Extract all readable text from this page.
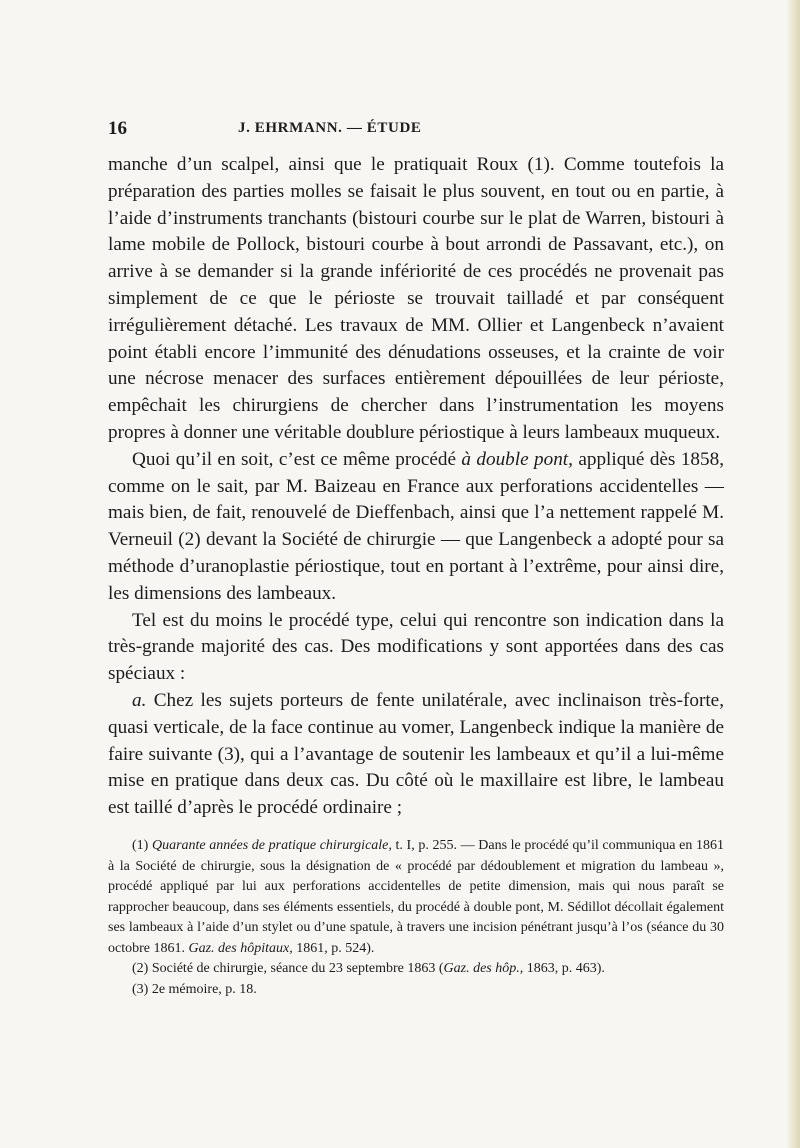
16	J. EHRMANN. — ÉTUDE

manche d’un scalpel, ainsi que le pratiquait Roux (1). Comme toutefois la préparation des parties molles se faisait le plus souvent, en tout ou en partie, à l’aide d’instruments tranchants (bistouri courbe sur le plat de Warren, bistouri à lame mobile de Pollock, bistouri courbe à bout arrondi de Passavant, etc.), on arrive à se demander si la grande infériorité de ces procédés ne provenait pas simplement de ce que le périoste se trouvait tailladé et par conséquent irrégulièrement détaché. Les travaux de MM. Ollier et Langenbeck n’avaient point établi encore l’immunité des dénudations osseuses, et la crainte de voir une nécrose menacer des surfaces entièrement dépouillées de leur périoste, empêchait les chirurgiens de chercher dans l’instrumentation les moyens propres à donner une véritable doublure périostique à leurs lambeaux muqueux.

Quoi qu’il en soit, c’est ce même procédé à double pont, appliqué dès 1858, comme on le sait, par M. Baizeau en France aux perforations accidentelles — mais bien, de fait, renouvelé de Dieffenbach, ainsi que l’a nettement rappelé M. Verneuil (2) devant la Société de chirurgie — que Langenbeck a adopté pour sa méthode d’uranoplastie périostique, tout en portant à l’extrême, pour ainsi dire, les dimensions des lambeaux.

Tel est du moins le procédé type, celui qui rencontre son indication dans la très-grande majorité des cas. Des modifications y sont apportées dans des cas spéciaux :

a. Chez les sujets porteurs de fente unilatérale, avec inclinaison très-forte, quasi verticale, de la face continue au vomer, Langenbeck indique la manière de faire suivante (3), qui a l’avantage de soutenir les lambeaux et qu’il a lui-même mise en pratique dans deux cas. Du côté où le maxillaire est libre, le lambeau est taillé d’après le procédé ordinaire ;

(1) Quarante années de pratique chirurgicale, t. I, p. 255. — Dans le procédé qu’il communiqua en 1861 à la Société de chirurgie, sous la désignation de « procédé par dédoublement et migration du lambeau », procédé appliqué par lui aux perforations accidentelles de petite dimension, mais qui nous paraît se rapprocher beaucoup, dans ses éléments essentiels, du procédé à double pont, M. Sédillot décollait également ses lambeaux à l’aide d’un stylet ou d’une spatule, à travers une incision pénétrant jusqu’à l’os (séance du 30 octobre 1861. Gaz. des hôpitaux, 1861, p. 524).

(2) Société de chirurgie, séance du 23 septembre 1863 (Gaz. des hôp., 1863, p. 463).

(3) 2e mémoire, p. 18.
